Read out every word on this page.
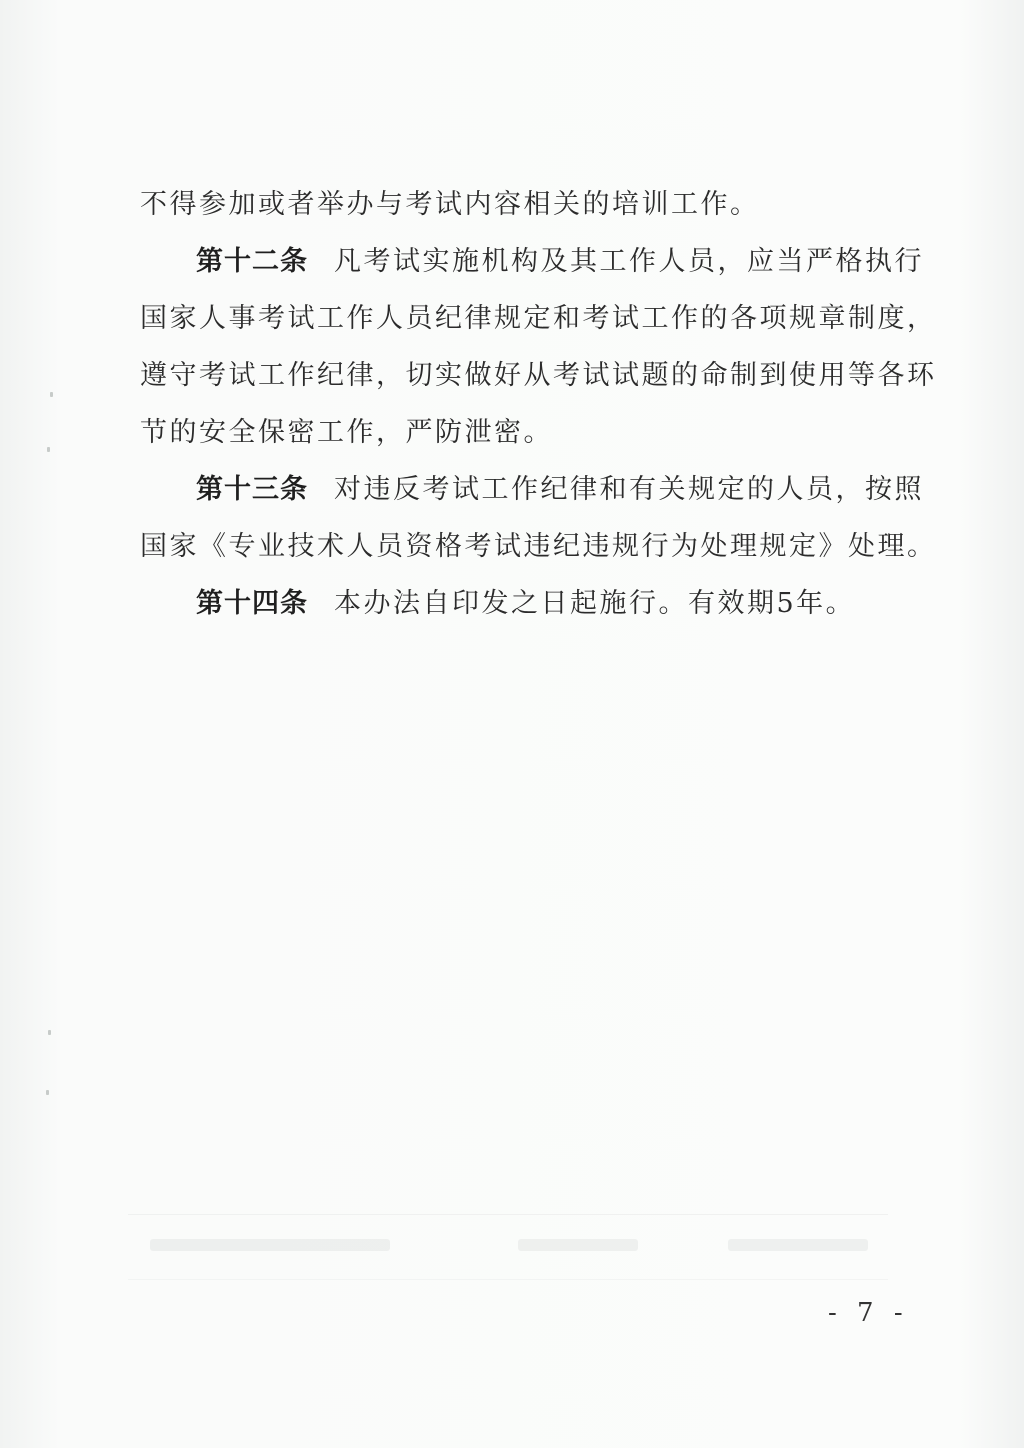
不得参加或者举办与考试内容相关的培训工作。
第十二条 凡考试实施机构及其工作人员，应当严格执行
国家人事考试工作人员纪律规定和考试工作的各项规章制度，
遵守考试工作纪律，切实做好从考试试题的命制到使用等各环
节的安全保密工作，严防泄密。
第十三条 对违反考试工作纪律和有关规定的人员，按照
国家《专业技术人员资格考试违纪违规行为处理规定》处理。
第十四条 本办法自印发之日起施行。有效期5年。
- 7 -
